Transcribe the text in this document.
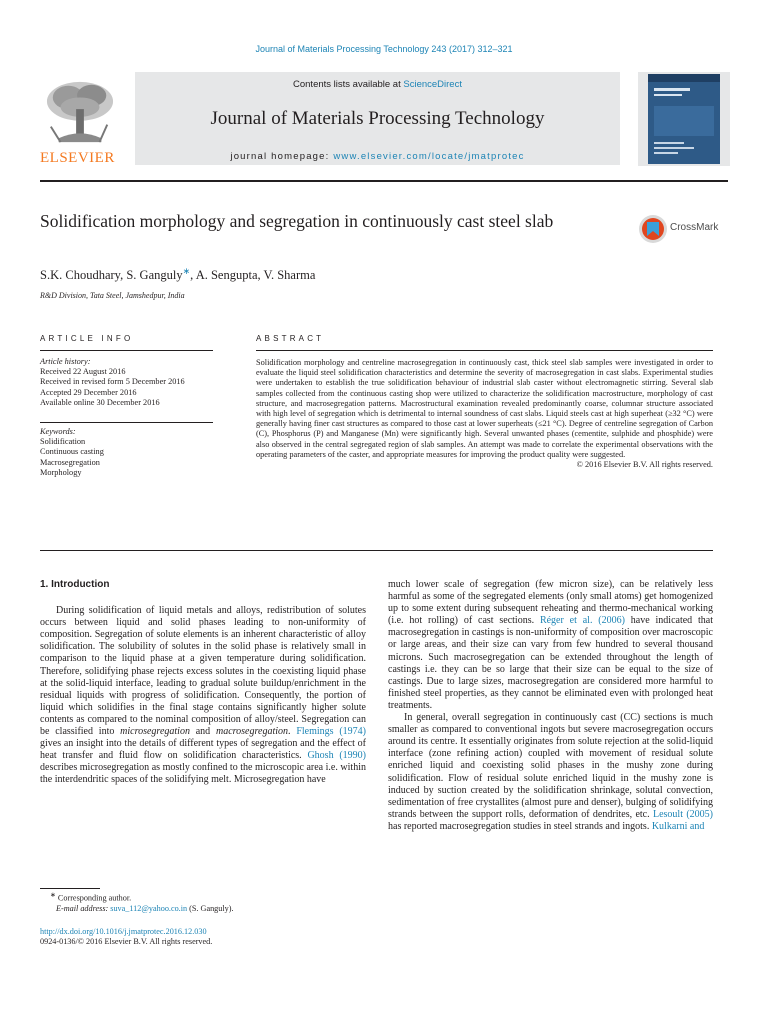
Journal of Materials Processing Technology 243 (2017) 312–321
Contents lists available at ScienceDirect
Journal of Materials Processing Technology
journal homepage: www.elsevier.com/locate/jmatprotec
ELSEVIER
Solidification morphology and segregation in continuously cast steel slab	CrossMark
S.K. Choudhary, S. Ganguly∗, A. Sengupta, V. Sharma
R&D Division, Tata Steel, Jamshedpur, India
ARTICLE INFO
Article history:
Received 22 August 2016
Received in revised form 5 December 2016
Accepted 29 December 2016
Available online 30 December 2016
Keywords:
Solidification
Continuous casting
Macrosegregation
Morphology
ABSTRACT
Solidification morphology and centreline macrosegregation in continuously cast, thick steel slab samples were investigated in order to evaluate the liquid steel solidification characteristics and determine the severity of macrosegregation in cast slabs. Experimental studies were undertaken to establish the true solidification behaviour of industrial slab caster without electromagnetic stirring. Several slab samples collected from the continuous casting shop were utilized to characterize the solidification macrostructure, morphology of cast structure, and macrosegregation patterns. Macrostructural examination revealed predominantly coarse, columnar structure associated with high level of segregation which is detrimental to internal soundness of cast slabs. Liquid steels cast at high superheat (≥32 °C) were generally having finer cast structures as compared to those cast at lower superheats (≤21 °C). Degree of centreline segregation of Carbon (C), Phosphorus (P) and Manganese (Mn) were significantly high. Several unwanted phases (cementite, sulphide and phosphide) were also observed in the central segregated region of slab samples. An attempt was made to correlate the experimental observations with the operating parameters of the caster, and appropriate measures for improving the product quality were suggested.
© 2016 Elsevier B.V. All rights reserved.

1. Introduction

During solidification of liquid metals and alloys, redistribution of solutes occurs between liquid and solid phases leading to non-uniformity of composition. Segregation of solute elements is an inherent characteristic of alloy solidification. The solubility of solutes in the solid phase is relatively small in comparison to the liquid phase at a given temperature during solidification. Therefore, solidifying phase rejects excess solutes in the coexisting liquid phase at the solid-liquid interface, leading to gradual solute buildup/enrichment in the residual liquids with progress of solidification. Consequently, the portion of liquid which solidifies in the final stage contains significantly higher solute contents as compared to the nominal composition of alloy/steel. Segregation can be classified into microsegregation and macrosegregation. Flemings (1974) gives an insight into the details of different types of segregation and the effect of heat transfer and fluid flow on solidification characteristics. Ghosh (1990) describes microsegregation as mostly confined to the microscopic area i.e. within the interdendritic spaces of the solidifying melt. Microsegregation have

much lower scale of segregation (few micron size), can be relatively less harmful as some of the segregated elements (only small atoms) get homogenized up to some extent during subsequent reheating and thermo-mechanical working (i.e. hot rolling) of cast sections. Réger et al. (2006) have indicated that macrosegregation in castings is non-uniformity of composition over macroscopic or large areas, and their size can vary from few hundred to several thousand microns. Such macrosegregation can be extended throughout the length of castings i.e. they can be so large that their size can be equal to the size of castings. Due to large sizes, macrosegregation are considered more harmful to finished steel properties, as they cannot be eliminated even with prolonged heat treatments.

In general, overall segregation in continuously cast (CC) sections is much smaller as compared to conventional ingots but severe macrosegregation occurs around its centre. It essentially originates from solute rejection at the solid-liquid interface (zone refining action) coupled with movement of residual solute enriched liquid and coexisting solid phases in the mushy zone during solidification. Flow of residual solute enriched liquid in the mushy zone is induced by suction created by the solidification shrinkage, solutal convection, sedimentation of free crystallites (almost pure and denser), bulging of solidifying strands between the support rolls, deformation of dendrites, etc. Lesoult (2005) has reported macrosegregation studies in steel strands and ingots. Kulkarni and

∗ Corresponding author.
E-mail address: suva_112@yahoo.co.in (S. Ganguly).
http://dx.doi.org/10.1016/j.jmatprotec.2016.12.030
0924-0136/© 2016 Elsevier B.V. All rights reserved.
